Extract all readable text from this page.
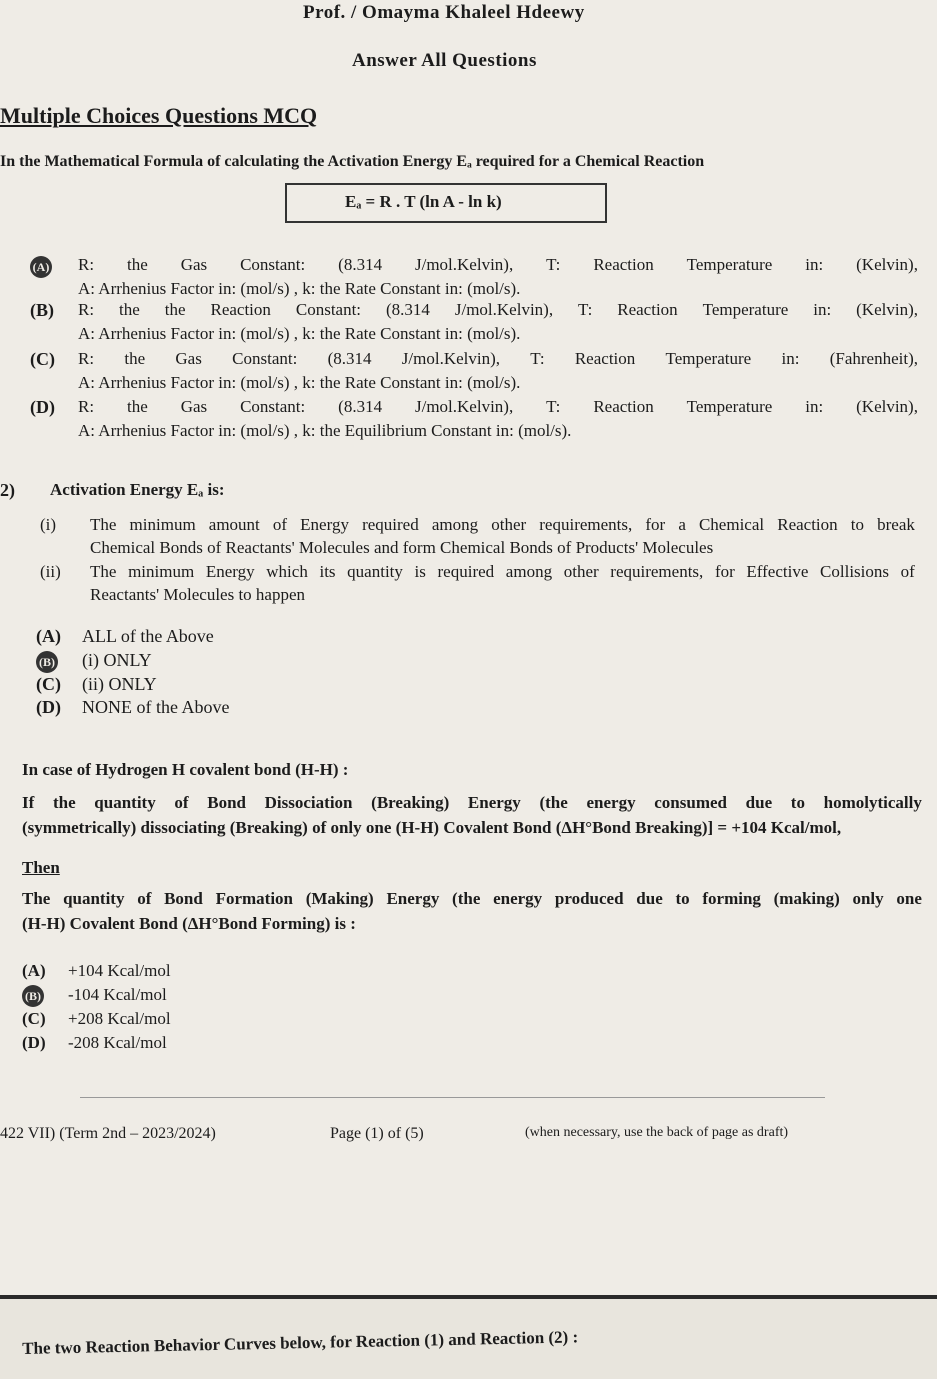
Prof. / Omayma Khaleel Hdeewy
Answer All Questions
Multiple Choices Questions MCQ
In the Mathematical Formula of calculating the Activation Energy Eₐ required for a Chemical Reaction
Eₐ = R . T (ln A - ln k)
(A) R: the Gas Constant: (8.314 J/mol.Kelvin), T: Reaction Temperature in: (Kelvin),
A: Arrhenius Factor in: (mol/s) , k: the Rate Constant in: (mol/s).
(B) R: the the Reaction Constant: (8.314 J/mol.Kelvin), T: Reaction Temperature in: (Kelvin),
A: Arrhenius Factor in: (mol/s) , k: the Rate Constant in: (mol/s).
(C) R: the Gas Constant: (8.314 J/mol.Kelvin), T: Reaction Temperature in: (Fahrenheit),
A: Arrhenius Factor in: (mol/s) , k: the Rate Constant in: (mol/s).
(D) R: the Gas Constant: (8.314 J/mol.Kelvin), T: Reaction Temperature in: (Kelvin),
A: Arrhenius Factor in: (mol/s) , k: the Equilibrium Constant in: (mol/s).
2) Activation Energy Eₐ is:
(i) The minimum amount of Energy required among other requirements, for a Chemical Reaction to break
Chemical Bonds of Reactants' Molecules and form Chemical Bonds of Products' Molecules
(ii) The minimum Energy which its quantity is required among other requirements, for Effective Collisions of
Reactants' Molecules to happen
(A) ALL of the Above
(B) (i) ONLY
(C) (ii) ONLY
(D) NONE of the Above
In case of Hydrogen H covalent bond (H-H) :
If the quantity of Bond Dissociation (Breaking) Energy (the energy consumed due to homolytically
(symmetrically) dissociating (Breaking) of only one (H-H) Covalent Bond (ΔH°Bond Breaking)] = +104 Kcal/mol,
Then
The quantity of Bond Formation (Making) Energy (the energy produced due to forming (making) only one
(H-H) Covalent Bond (ΔH°Bond Forming) is :
(A) +104 Kcal/mol
(B) -104 Kcal/mol
(C) +208 Kcal/mol
(D) -208 Kcal/mol
422 VII) (Term 2nd – 2023/2024)	Page (1) of (5)	(when necessary, use the back of page as draft)
The two Reaction Behavior Curves below, for Reaction (1) and Reaction (2) :
